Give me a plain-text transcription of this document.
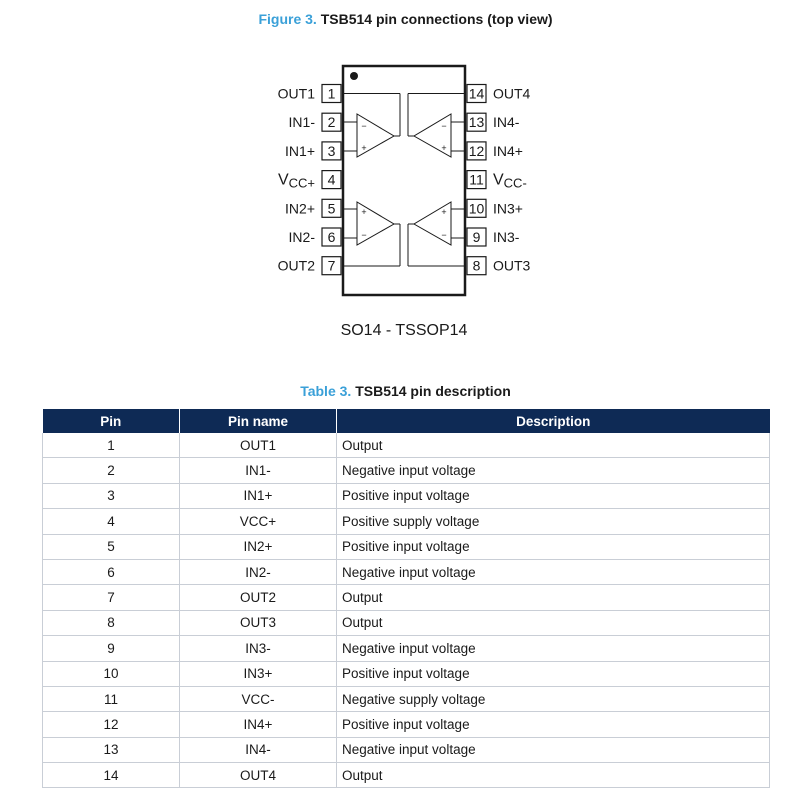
Figure 3. TSB514 pin connections (top view)
1
OUT1
2
IN1-
3
IN1+
4
VCC+
5
IN2+
6
IN2-
7
OUT2
14 OUT4
13 IN4-
12 IN4+
11 VCC-
10 IN3+
9 IN3-
8 OUT3
−
+
−
+
+
−
+
−
SO14 - TSSOP14
Table 3. TSB514 pin description
Pin	Pin name	Description
1	OUT1	Output
2	IN1-	Negative input voltage
3	IN1+	Positive input voltage
4	VCC+	Positive supply voltage
5	IN2+	Positive input voltage
6	IN2-	Negative input voltage
7	OUT2	Output
8	OUT3	Output
9	IN3-	Negative input voltage
10	IN3+	Positive input voltage
11	VCC-	Negative supply voltage
12	IN4+	Positive input voltage
13	IN4-	Negative input voltage
14	OUT4	Output
